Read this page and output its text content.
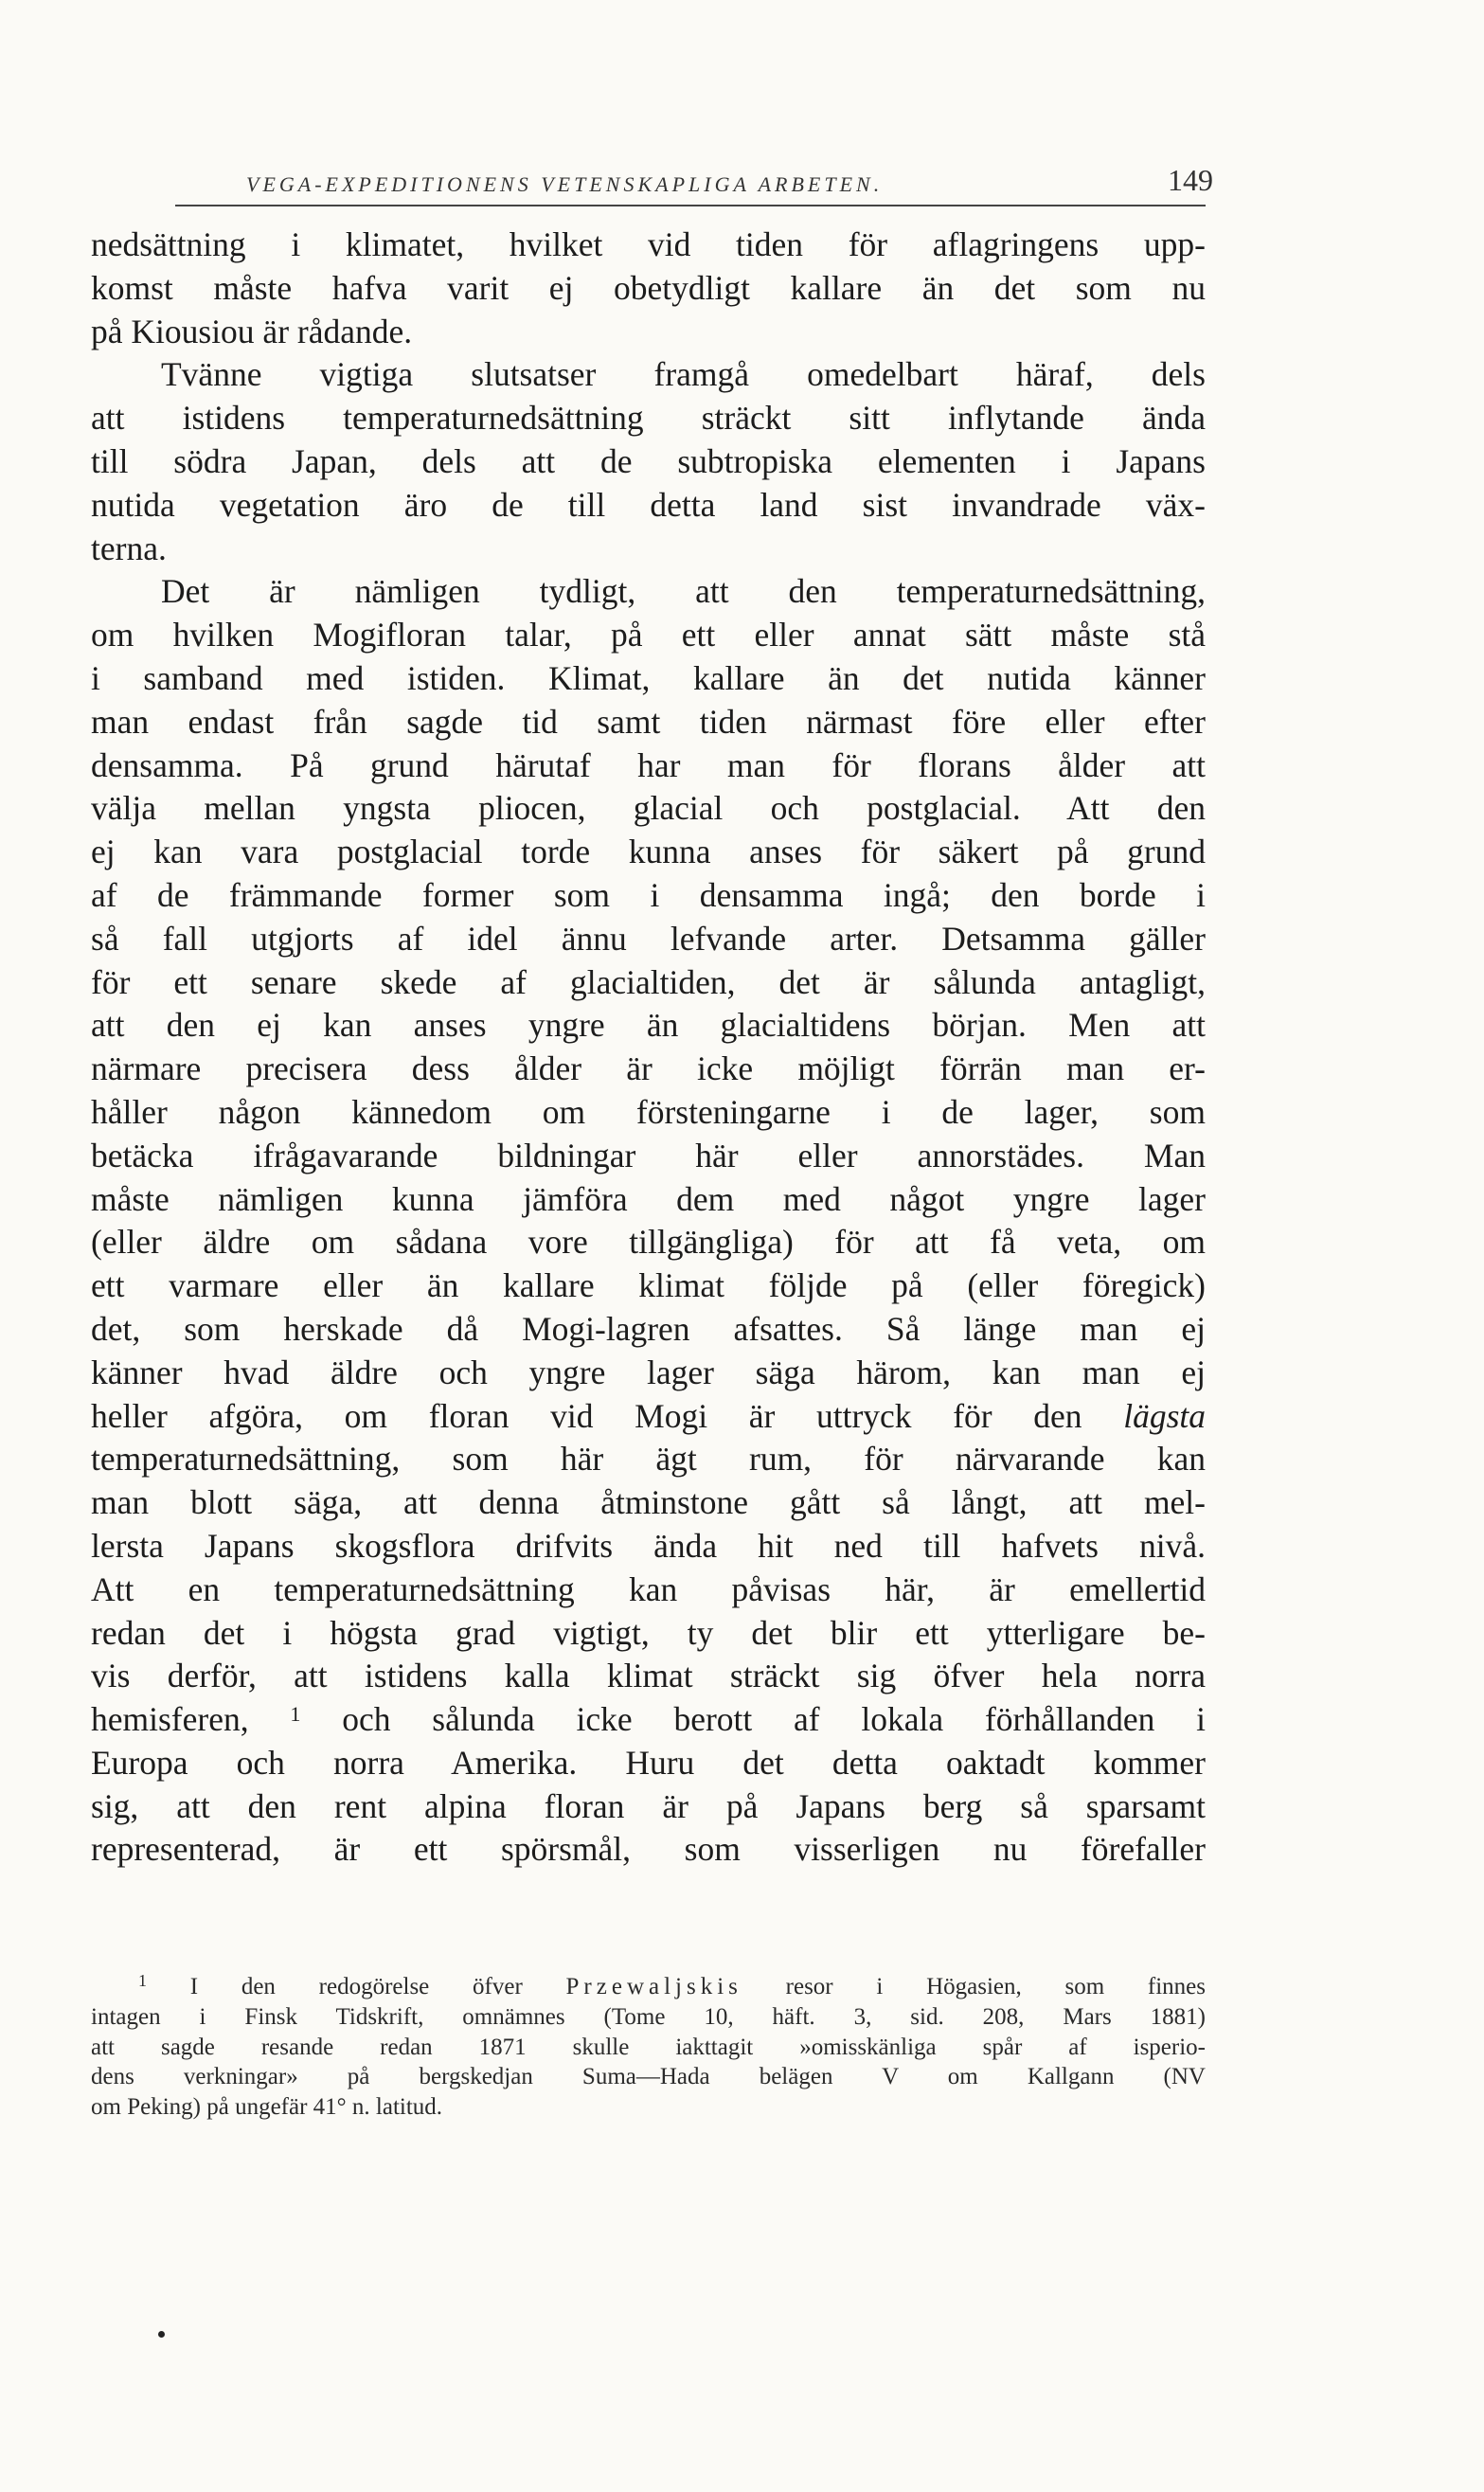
VEGA-EXPEDITIONENS VETENSKAPLIGA ARBETEN.	149
nedsättning i klimatet, hvilket vid tiden för aflagringens upp-
komst måste hafva varit ej obetydligt kallare än det som nu
på Kiousiou är rådande.
Tvänne vigtiga slutsatser framgå omedelbart häraf, dels
att istidens temperaturnedsättning sträckt sitt inflytande ända
till södra Japan, dels att de subtropiska elementen i Japans
nutida vegetation äro de till detta land sist invandrade väx-
terna.
Det är nämligen tydligt, att den temperaturnedsättning,
om hvilken Mogifloran talar, på ett eller annat sätt måste stå
i samband med istiden. Klimat, kallare än det nutida känner
man endast från sagde tid samt tiden närmast före eller efter
densamma. På grund härutaf har man för florans ålder att
välja mellan yngsta pliocen, glacial och postglacial. Att den
ej kan vara postglacial torde kunna anses för säkert på grund
af de främmande former som i densamma ingå; den borde i
så fall utgjorts af idel ännu lefvande arter. Detsamma gäller
för ett senare skede af glacialtiden, det är sålunda antagligt,
att den ej kan anses yngre än glacialtidens början. Men att
närmare precisera dess ålder är icke möjligt förrän man er-
håller någon kännedom om försteningarne i de lager, som
betäcka ifrågavarande bildningar här eller annorstädes. Man
måste nämligen kunna jämföra dem med något yngre lager
(eller äldre om sådana vore tillgängliga) för att få veta, om
ett varmare eller än kallare klimat följde på (eller föregick)
det, som herskade då Mogi-lagren afsattes. Så länge man ej
känner hvad äldre och yngre lager säga härom, kan man ej
heller afgöra, om floran vid Mogi är uttryck för den lägsta
temperaturnedsättning, som här ägt rum, för närvarande kan
man blott säga, att denna åtminstone gått så långt, att mel-
lersta Japans skogsflora drifvits ända hit ned till hafvets nivå.
Att en temperaturnedsättning kan påvisas här, är emellertid
redan det i högsta grad vigtigt, ty det blir ett ytterligare be-
vis derför, att istidens kalla klimat sträckt sig öfver hela norra
hemisferen, $^1$ och sålunda icke berott af lokala förhållanden i
Europa och norra Amerika. Huru det detta oaktadt kommer
sig, att den rent alpina floran är på Japans berg så sparsamt
representerad, är ett spörsmål, som visserligen nu förefaller
$^1$ I den redogörelse öfver Przewaljskis resor i Högasien, som finnes
intagen i Finsk Tidskrift, omnämnes (Tome 10, häft. 3, sid. 208, Mars 1881)
att sagde resande redan 1871 skulle iakttagit »omisskänliga spår af isperio-
dens verkningar» på bergskedjan Suma—Hada belägen V om Kallgann (NV
om Peking) på ungefär 41° n. latitud.
